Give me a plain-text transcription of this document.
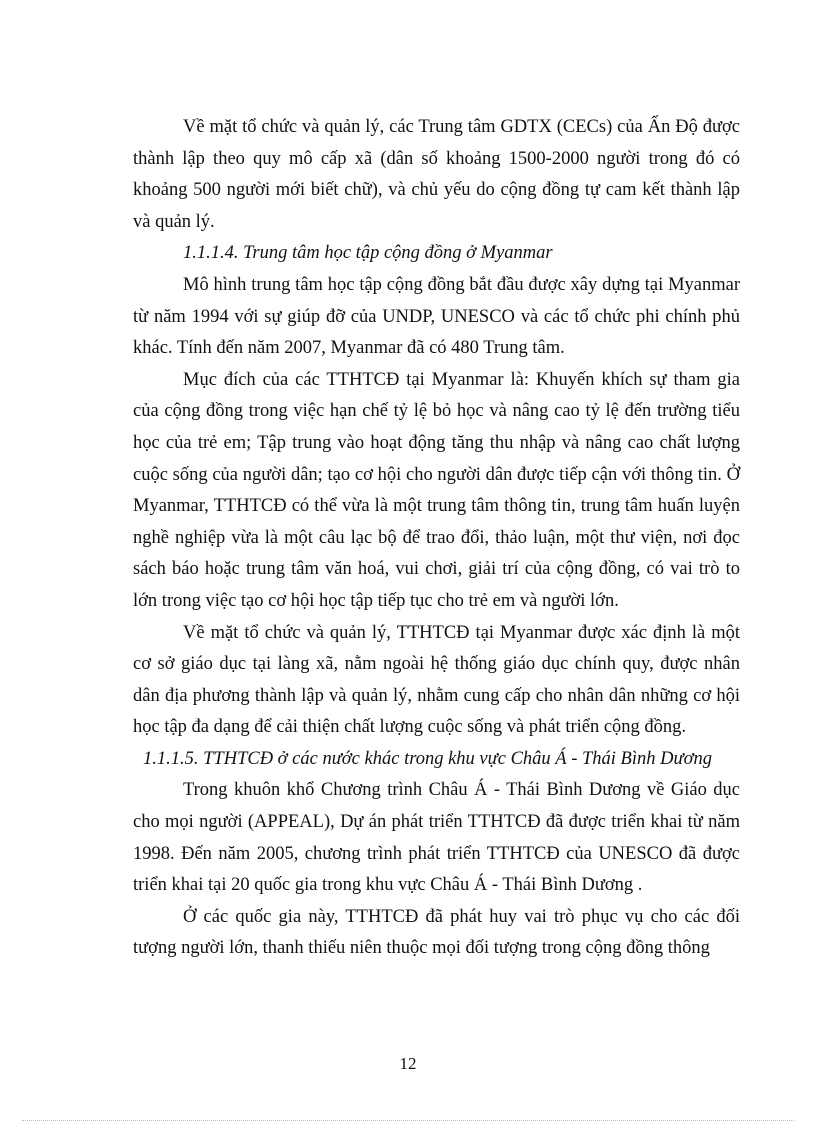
Về mặt tổ chức và quản lý, các Trung tâm GDTX (CECs) của Ấn Độ được thành lập theo quy mô cấp xã (dân số khoảng 1500-2000 người trong đó có khoảng 500 người mới biết chữ), và chủ yếu do cộng đồng tự cam kết thành lập và quản lý.

1.1.1.4. Trung tâm học tập cộng đồng ở Myanmar

Mô hình trung tâm học tập cộng đồng bắt đầu được xây dựng tại Myanmar từ năm 1994 với sự giúp đỡ của UNDP, UNESCO và các tổ chức phi chính phủ khác. Tính đến năm 2007, Myanmar đã có 480 Trung tâm.

Mục đích của các TTHTCĐ tại Myanmar là: Khuyến khích sự tham gia của cộng đồng trong việc hạn chế tỷ lệ bỏ học và nâng cao tỷ lệ đến trường tiểu học của trẻ em; Tập trung vào hoạt động tăng thu nhập và nâng cao chất lượng cuộc sống của người dân; tạo cơ hội cho người dân được tiếp cận với thông tin. Ở Myanmar, TTHTCĐ có thể vừa là một trung tâm thông tin, trung tâm huấn luyện nghề nghiệp vừa là một câu lạc bộ để trao đổi, thảo luận, một thư viện, nơi đọc sách báo hoặc trung tâm văn hoá, vui chơi, giải trí của cộng đồng, có vai trò to lớn trong việc tạo cơ hội học tập tiếp tục cho trẻ em và người lớn.

Về mặt tổ chức và quản lý, TTHTCĐ tại Myanmar được xác định là một cơ sở giáo dục tại làng xã, nằm ngoài hệ thống giáo dục chính quy, được nhân dân địa phương thành lập và quản lý, nhằm cung cấp cho nhân dân những cơ hội học tập đa dạng để cải thiện chất lượng cuộc sống và phát triển cộng đồng.

1.1.1.5. TTHTCĐ ở các nước khác trong khu vực Châu Á - Thái Bình Dương

Trong khuôn khổ Chương trình Châu Á - Thái Bình Dương về Giáo dục cho mọi người (APPEAL), Dự án phát triển TTHTCĐ đã được triển khai từ năm 1998. Đến năm 2005, chương trình phát triển TTHTCĐ của UNESCO đã được triển khai tại 20 quốc gia trong khu vực Châu Á - Thái Bình Dương .

Ở các quốc gia này, TTHTCĐ đã phát huy vai trò phục vụ cho các đối tượng người lớn, thanh thiếu niên thuộc mọi đối tượng trong cộng đồng thông

12
